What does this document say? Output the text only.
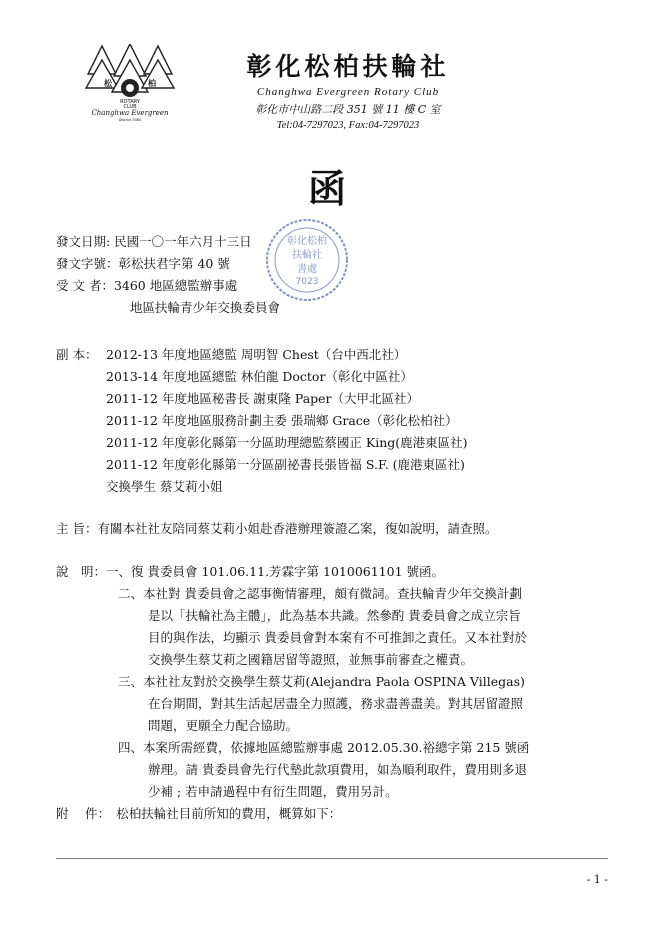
松	柏
ROTARY
CLUB
Changhwa Evergreen
District 3460
彰化松柏扶輪社
Changhwa Evergreen Rotary Club
彰化市中山路二段 351 號 11 樓 C 室
Tel:04-7297023, Fax:04-7297023
函
彰化松柏
扶輪社
書處
7023
發文日期: 民國一〇一年六月十三日
發文字號：彰松扶君字第 40 號
受 文 者：3460 地區總監辦事處
地區扶輪青少年交換委員會
副 本： 2012-13 年度地區總監 周明智 Chest（台中西北社）
2013-14 年度地區總監 林伯龍 Doctor（彰化中區社）
2011-12 年度地區秘書長 謝東隆 Paper（大甲北區社）
2011-12 年度地區服務計劃主委 張瑞鄉 Grace（彰化松柏社）
2011-12 年度彰化縣第一分區助理總監蔡國正 King(鹿港東區社)
2011-12 年度彰化縣第一分區副祕書長張皆福 S.F. (鹿港東區社)
交換學生 蔡艾莉小姐
主 旨：有關本社社友陪同蔡艾莉小姐赴香港辦理簽證乙案，復如說明，請查照。
說　明：一、復 貴委員會 101.06.11.芳霖字第 1010061101 號函。
二、本社對 貴委員會之認事衡情審理，頗有微詞。查扶輪青少年交換計劃
是以「扶輪社為主體」，此為基本共識。然參酌 貴委員會之成立宗旨
目的與作法，均顯示 貴委員會對本案有不可推卸之責任。又本社對於
交換學生蔡艾莉之國籍居留等證照，並無事前審查之權責。
三、本社社友對於交換學生蔡艾莉(Alejandra Paola OSPINA Villegas)
在台期間，對其生活起居盡全力照護，務求盡善盡美。對其居留證照
問題，更願全力配合協助。
四、本案所需經費，依據地區總監辦事處 2012.05.30.裕總字第 215 號函
辦理。請 貴委員會先行代墊此款項費用，如為順利取件，費用則多退
少補 ; 若申請過程中有衍生問題，費用另計。
附　 件：　松柏扶輪社目前所知的費用，概算如下：
- 1 -
